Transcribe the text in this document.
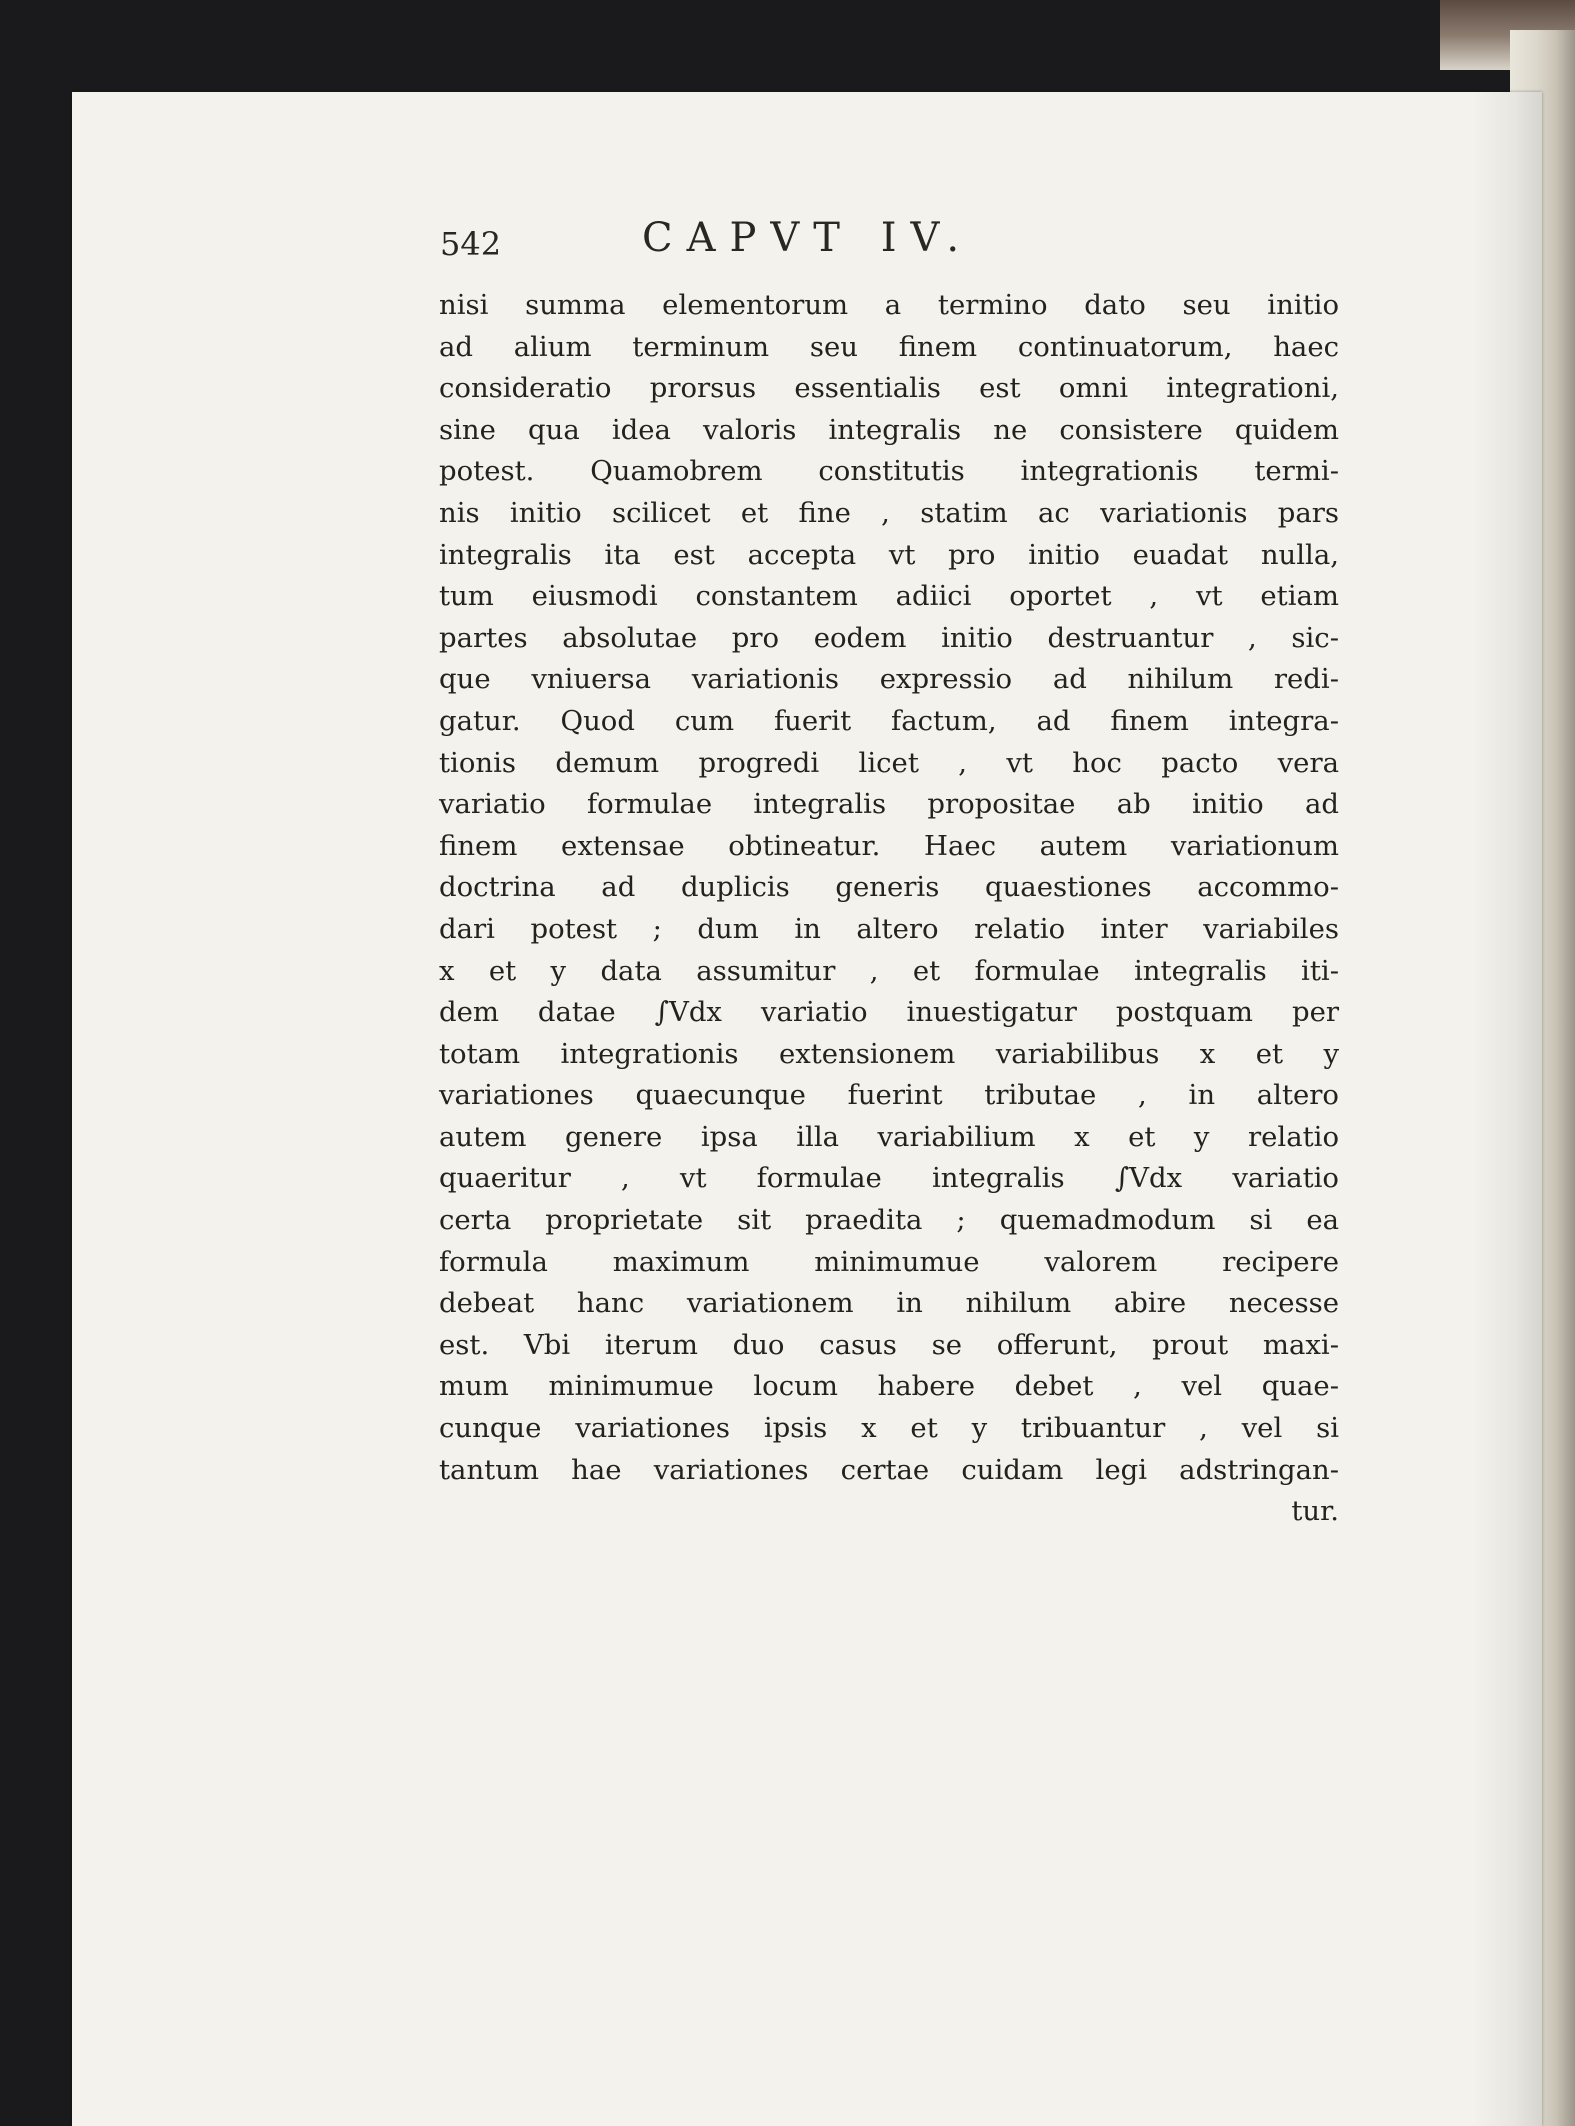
542	CAPVT IV.
nisi summa elementorum a termino dato seu initio
ad alium terminum seu finem continuatorum, haec
consideratio prorsus essentialis est omni integrationi,
sine qua idea valoris integralis ne consistere quidem
potest. Quamobrem constitutis integrationis termi-
nis initio scilicet et fine , statim ac variationis pars
integralis ita est accepta vt pro initio euadat nulla,
tum eiusmodi constantem adiici oportet , vt etiam
partes absolutae pro eodem initio destruantur , sic-
que vniuersa variationis expressio ad nihilum redi-
gatur. Quod cum fuerit factum, ad finem integra-
tionis demum progredi licet , vt hoc pacto vera
variatio formulae integralis propositae ab initio ad
finem extensae obtineatur. Haec autem variationum
doctrina ad duplicis generis quaestiones accommo-
dari potest ; dum in altero relatio inter variabiles
x et y data assumitur , et formulae integralis iti-
dem datae ∫Vdx variatio inuestigatur postquam per
totam integrationis extensionem variabilibus x et y
variationes quaecunque fuerint tributae , in altero
autem genere ipsa illa variabilium x et y relatio
quaeritur , vt formulae integralis ∫Vdx variatio
certa proprietate sit praedita ; quemadmodum si ea
formula maximum minimumue valorem recipere
debeat hanc variationem in nihilum abire necesse
est. Vbi iterum duo casus se offerunt, prout maxi-
mum minimumue locum habere debet , vel quae-
cunque variationes ipsis x et y tribuantur , vel si
tantum hae variationes certae cuidam legi adstringan-
tur.
